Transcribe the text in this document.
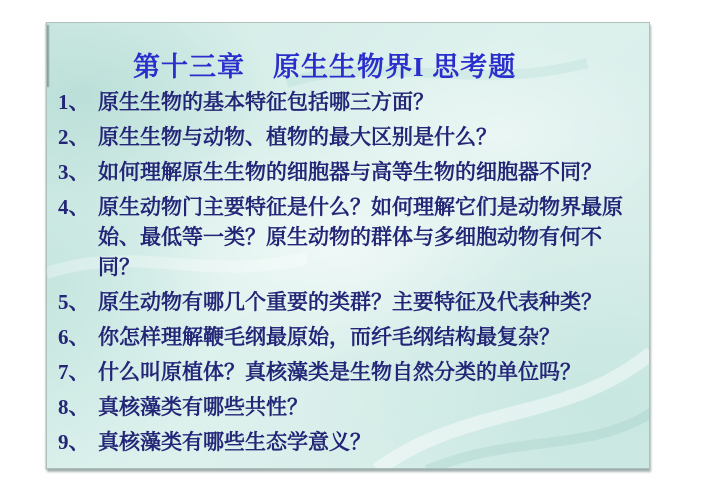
第十三章　原生生物界I 思考题
1、 原生生物的基本特征包括哪三方面？
2、 原生生物与动物、植物的最大区别是什么？
3、 如何理解原生生物的细胞器与高等生物的细胞器不同？
4、 原生动物门主要特征是什么？如何理解它们是动物界最原始、最低等一类？原生动物的群体与多细胞动物有何不同？
5、 原生动物有哪几个重要的类群？主要特征及代表种类？
6、 你怎样理解鞭毛纲最原始，而纤毛纲结构最复杂？
7、 什么叫原植体？真核藻类是生物自然分类的单位吗？
8、 真核藻类有哪些共性？
9、 真核藻类有哪些生态学意义？
